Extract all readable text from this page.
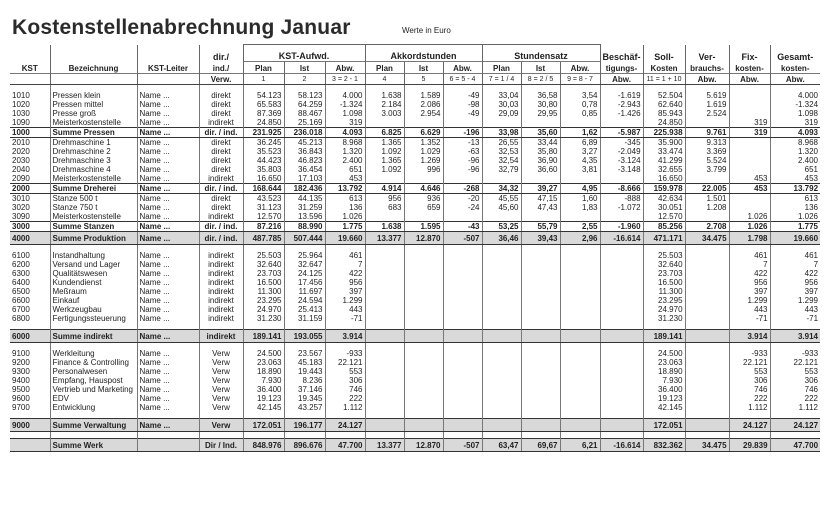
Kostenstellenabrechnung Januar	Werte in Euro
			dir./	KST-Aufwd.			Akkordstunden			Stundensatz			Beschäf-	Soll-	Ver-	Fix-	Gesamt-
KST	Bezeichnung	KST-Leiter	ind./	Plan	Ist	Abw.	Plan	Ist	Abw.	Plan	Ist	Abw.	tigungs-	Kosten	brauchs-	kosten-	kosten-
			Verw.	1	2	3 = 2 - 1	4	5	6 = 5 - 4	7 = 1 / 4	8 = 2 / 5	9 = 8 - 7	Abw.	11 = 1 + 10	Abw.	Abw.	Abw.

1010	Pressen klein	Name ...	direkt	54.123	58.123	4.000	1.638	1.589	-49	33,04	36,58	3,54	-1.619	52.504	5.619		4.000
1020	Pressen mittel	Name ...	direkt	65.583	64.259	-1.324	2.184	2.086	-98	30,03	30,80	0,78	-2.943	62.640	1.619		-1.324
1030	Presse groß	Name ...	direkt	87.369	88.467	1.098	3.003	2.954	-49	29,09	29,95	0,85	-1.426	85.943	2.524		1.098
1090	Meisterkostenstelle	Name ...	indirekt	24.850	25.169	319								24.850		319	319
1000	Summe Pressen	Name ...	dir. / ind.	231.925	236.018	4.093	6.825	6.629	-196	33,98	35,60	1,62	-5.987	225.938	9.761	319	4.093
2010	Drehmaschine 1	Name ...	direkt	36.245	45.213	8.968	1.365	1.352	-13	26,55	33,44	6,89	-345	35.900	9.313		8.968
2020	Drehmaschine 2	Name ...	direkt	35.523	36.843	1.320	1.092	1.029	-63	32,53	35,80	3,27	-2.049	33.474	3.369		1.320
2030	Drehmaschine 3	Name ...	direkt	44.423	46.823	2.400	1.365	1.269	-96	32,54	36,90	4,35	-3.124	41.299	5.524		2.400
2040	Drehmaschine 4	Name ...	direkt	35.803	36.454	651	1.092	996	-96	32,79	36,60	3,81	-3.148	32.655	3.799		651
2090	Meisterkostenstelle	Name ...	indirekt	16.650	17.103	453								16.650		453	453
2000	Summe Dreherei	Name ...	dir. / ind.	168.644	182.436	13.792	4.914	4.646	-268	34,32	39,27	4,95	-8.666	159.978	22.005	453	13.792
3010	Stanze 500 t	Name ...	direkt	43.523	44.135	613	956	936	-20	45,55	47,15	1,60	-888	42.634	1.501		613
3020	Stanze 750 t	Name ...	direkt	31.123	31.259	136	683	659	-24	45,60	47,43	1,83	-1.072	30.051	1.208		136
3090	Meisterkostenstelle	Name ...	indirekt	12.570	13.596	1.026								12.570		1.026	1.026
3000	Summe Stanzen	Name ...	dir. / ind.	87.216	88.990	1.775	1.638	1.595	-43	53,25	55,79	2,55	-1.960	85.256	2.708	1.026	1.775
4000	Summe Produktion	Name ...	dir. / ind.	487.785	507.444	19.660	13.377	12.870	-507	36,46	39,43	2,96	-16.614	471.171	34.475	1.798	19.660

6100	Instandhaltung	Name ...	indirekt	25.503	25.964	461								25.503		461	461
6200	Versand und Lager	Name ...	indirekt	32.640	32.647	7								32.640		7	7
6300	Qualitätswesen	Name ...	indirekt	23.703	24.125	422								23.703		422	422
6400	Kundendienst	Name ...	indirekt	16.500	17.456	956								16.500		956	956
6500	Meßraum	Name ...	indirekt	11.300	11.697	397								11.300		397	397
6600	Einkauf	Name ...	indirekt	23.295	24.594	1.299								23.295		1.299	1.299
6700	Werkzeugbau	Name ...	indirekt	24.970	25.413	443								24.970		443	443
6800	Fertigungssteuerung	Name ...	indirekt	31.230	31.159	-71								31.230		-71	-71

6000	Summe indirekt	Name ...	indirekt	189.141	193.055	3.914								189.141		3.914	3.914

9100	Werkleitung	Name ...	Verw	24.500	23.567	-933								24.500		-933	-933
9200	Finance & Controlling	Name ...	Verw	23.063	45.183	22.121								23.063		22.121	22.121
9300	Personalwesen	Name ...	Verw	18.890	19.443	553								18.890		553	553
9400	Empfang, Hauspost	Name ...	Verw	7.930	8.236	306								7.930		306	306
9500	Vertrieb und Marketing	Name ...	Verw	36.400	37.146	746								36.400		746	746
9600	EDV	Name ...	Verw	19.123	19.345	222								19.123		222	222
9700	Entwicklung	Name ...	Verw	42.145	43.257	1.112								42.145		1.112	1.112

9000	Summe Verwaltung	Name ...	Verw	172.051	196.177	24.127								172.051		24.127	24.127

	Summe Werk		Dir / Ind.	848.976	896.676	47.700	13.377	12.870	-507	63,47	69,67	6,21	-16.614	832.362	34.475	29.839	47.700
